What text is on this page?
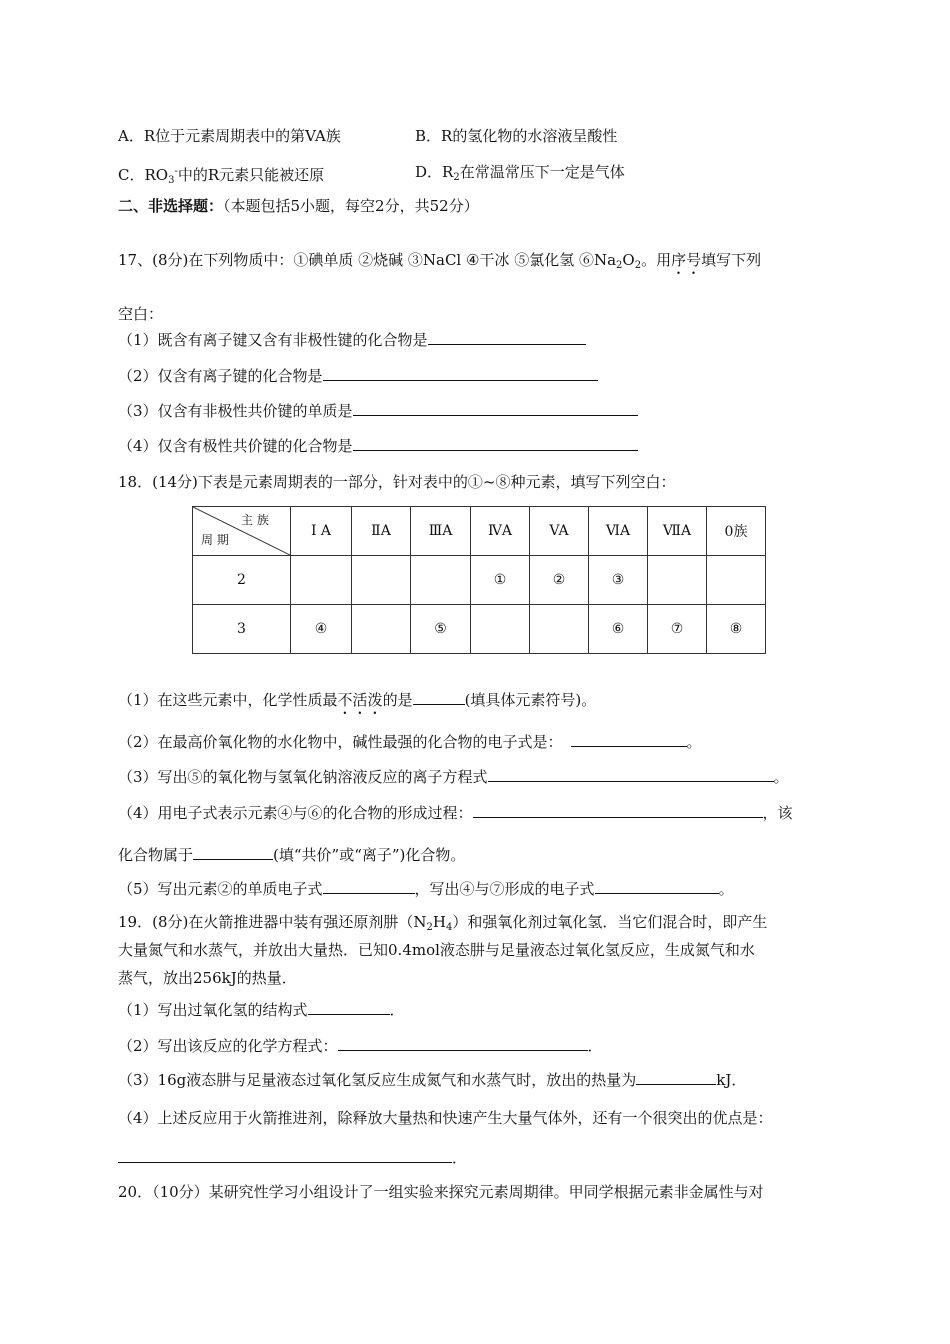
A．R位于元素周期表中的第VA族	B．R的氢化物的水溶液呈酸性
C．$RO_3^-$中的R元素只能被还原	D．$R_2$在常温常压下一定是气体
二、非选择题：（本题包括5小题，每空2分，共52分）
17、(8分)在下列物质中：①碘单质 ②烧碱 ③NaCl ④干冰 ⑤氯化氢 $⑥Na_2O_2$。用序号填写下列
空白：
（1）既含有离子键又含有非极性键的化合物是
（2）仅含有离子键的化合物是
（3）仅含有非极性共价键的单质是
（4）仅含有极性共价键的化合物是
18．(14分)下表是元素周期表的一部分，针对表中的①~⑧种元素，填写下列空白：
主 族
周 期	Ⅰ A	ⅡA	ⅢA	ⅣA	VA	ⅥA	ⅦA	0族
2				①	②	③		
3	④		⑤			⑥	⑦	⑧
（1）在这些元素中，化学性质最不活泼的是	(填具体元素符号)。
（2）在最高价氧化物的水化物中，碱性最强的化合物的电子式是：	。
（3）写出⑤的氧化物与氢氧化钠溶液反应的离子方程式	。
（4）用电子式表示元素④与⑥的化合物的形成过程：	，该
化合物属于	(填“共价”或“离子”)化合物。
（5）写出元素②的单质电子式	，写出④与⑦形成的电子式	。
19．(8分)在火箭推进器中装有强还原剂肼$(N_2H_4)$和强氧化剂过氧化氢．当它们混合时，即产生
大量氮气和水蒸气，并放出大量热．已知0.4mol液态肼与足量液态过氧化氢反应，生成氮气和水
蒸气，放出256kJ的热量．
（1）写出过氧化氢的结构式	．
（2）写出该反应的化学方程式：	．
（3）16g液态肼与足量液态过氧化氢反应生成氮气和水蒸气时，放出的热量为	kJ．
（4）上述反应用于火箭推进剂，除释放大量热和快速产生大量气体外，还有一个很突出的优点是：
．
20．（10分）某研究性学习小组设计了一组实验来探究元素周期律。甲同学根据元素非金属性与对
